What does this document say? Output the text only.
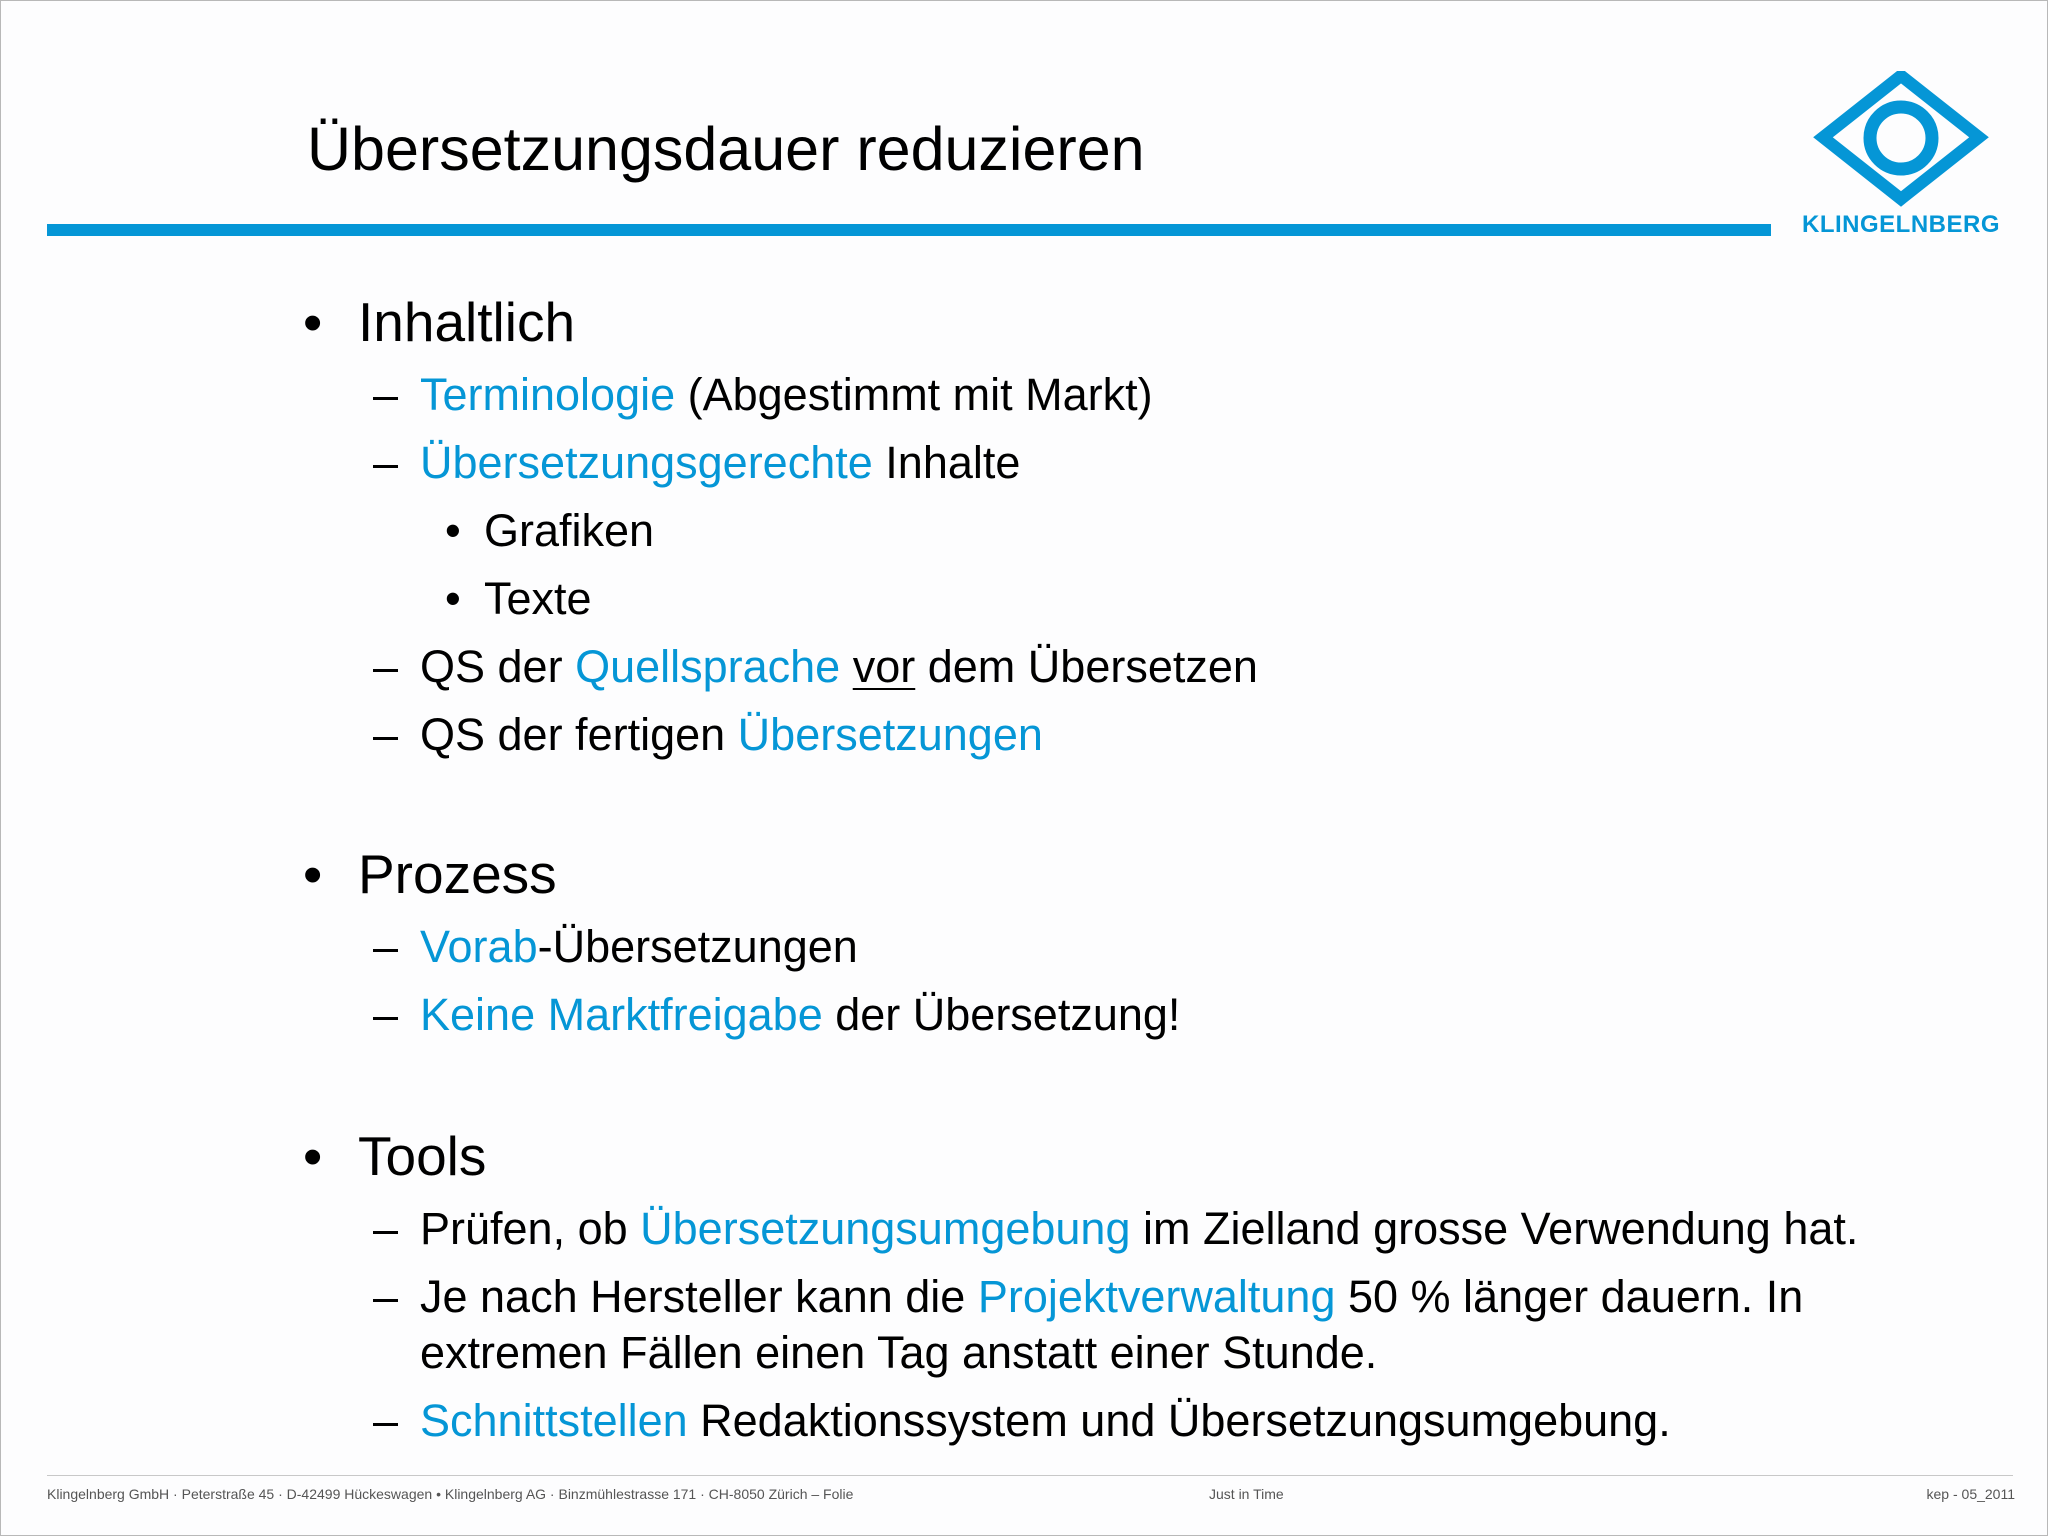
Übersetzungsdauer reduzieren
KLINGELNBERG
• Inhaltlich
– Terminologie (Abgestimmt mit Markt)
– Übersetzungsgerechte Inhalte
• Grafiken
• Texte
– QS der Quellsprache vor dem Übersetzen
– QS der fertigen Übersetzungen
• Prozess
– Vorab-Übersetzungen
– Keine Marktfreigabe der Übersetzung!
• Tools
– Prüfen, ob Übersetzungsumgebung im Zielland grosse Verwendung hat.
– Je nach Hersteller kann die Projektverwaltung 50 % länger dauern. In
extremen Fällen einen Tag anstatt einer Stunde.
– Schnittstellen Redaktionssystem und Übersetzungsumgebung.
Klingelnberg GmbH · Peterstraße 45 · D-42499 Hückeswagen • Klingelnberg AG · Binzmühlestrasse 171 · CH-8050 Zürich – Folie	Just in Time	kep - 05_2011
